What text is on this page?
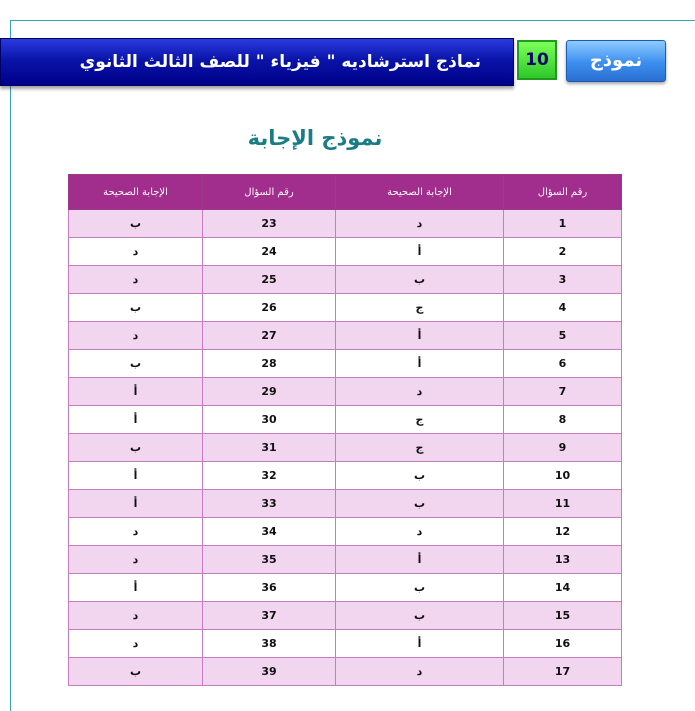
نماذج استرشاديه " فيزياء " للصف الثالث الثانوي	10	نموذج
نموذج الإجابة
رقم السؤال	الإجابة الصحيحة	رقم السؤال	الإجابة الصحيحة
1	د	23	ب
2	أ	24	د
3	ب	25	د
4	ج	26	ب
5	أ	27	د
6	أ	28	ب
7	د	29	أ
8	ج	30	أ
9	ج	31	ب
10	ب	32	أ
11	ب	33	أ
12	د	34	د
13	أ	35	د
14	ب	36	أ
15	ب	37	د
16	أ	38	د
17	د	39	ب
